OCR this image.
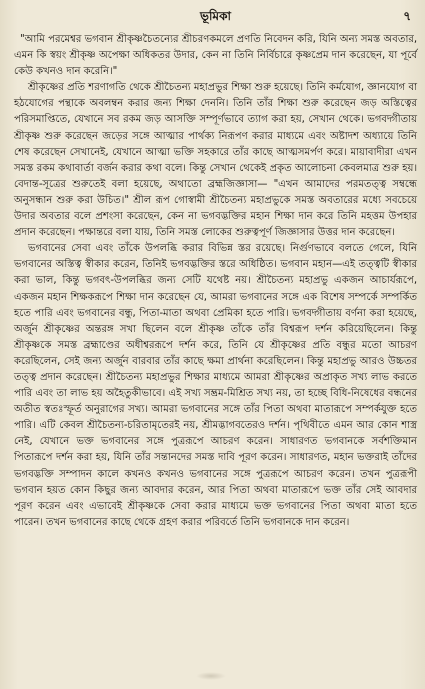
ভূমিকা	৭

"আমি পরমেশ্বর ভগবান শ্রীকৃষ্ণচৈতন্যের শ্রীচরণকমলে প্রণতি নিবেদন করি, যিনি অন্য সমস্ত অবতার, এমন কি স্বয়ং শ্রীকৃষ্ণ অপেক্ষা অধিকতর উদার, কেন না তিনি নির্বিচারে কৃষ্ণপ্রেম দান করেছেন, যা পূর্বে কেউ কখনও দান করেনি।"

শ্রীকৃষ্ণের প্রতি শরণাগতি থেকে শ্রীচৈতন্য মহাপ্রভুর শিক্ষা শুরু হয়েছে। তিনি কর্মযোগ, জ্ঞানযোগ বা হঠযোগের পন্থাকে অবলম্বন করার জন্য শিক্ষা দেননি। তিনি তাঁর শিক্ষা শুরু করেছেন জড় অস্তিত্বের পরিসমাপ্তিতে, যেখানে সব রকম জড় আসক্তি সম্পূর্ণভাবে ত্যাগ করা হয়, সেখান থেকে। ভগবদ্গীতায় শ্রীকৃষ্ণ শুরু করেছেন জড়ের সঙ্গে আত্মার পার্থক্য নিরূপণ করার মাধ্যমে এবং অষ্টাদশ অধ্যায়ে তিনি শেষ করেছেন সেখানেই, যেখানে আত্মা ভক্তি সহকারে তাঁর কাছে আত্মসমর্পণ করে। মায়াবাদীরা এখন সমস্ত রকম কথাবার্তা বর্জন করার কথা বলে। কিন্তু সেখান থেকেই প্রকৃত আলোচনা কেবলমাত্র শুরু হয়। বেদান্ত-সূত্রের শুরুতেই বলা হয়েছে, অথাতো ব্রহ্মজিজ্ঞাসা— "এখন আমাদের পরমতত্ত্ব সম্বন্ধে অনুসন্ধান শুরু করা উচিত।" শ্রীল রূপ গোস্বামী শ্রীচৈতন্য মহাপ্রভুকে সমস্ত অবতারের মধ্যে সবচেয়ে উদার অবতার বলে প্রশংসা করেছেন, কেন না ভগবদ্ভক্তির মহান শিক্ষা দান করে তিনি মহত্তম উপহার প্রদান করেছেন। পক্ষান্তরে বলা যায়, তিনি সমস্ত লোকের শুরুত্বপূর্ণ জিজ্ঞাসার উত্তর দান করেছেন।

ভগবানের সেবা এবং তাঁকে উপলব্ধি করার বিভিন্ন স্তর রয়েছে। নির্গুণভাবে বলতে গেলে, যিনি ভগবানের অস্তিত্ব স্বীকার করেন, তিনিই ভগবদ্ভক্তির স্তরে অধিষ্ঠিত। ভগবান মহান—এই তত্ত্বটি স্বীকার করা ভাল, কিন্তু ভগবৎ-উপলব্ধির জন্য সেটি যথেষ্ট নয়। শ্রীচৈতন্য মহাপ্রভু একজন আচার্যরূপে, একজন মহান শিক্ষকরূপে শিক্ষা দান করেছেন যে, আমরা ভগবানের সঙ্গে এক বিশেষ সম্পর্কে সম্পর্কিত হতে পারি এবং ভগবানের বন্ধু, পিতা-মাতা অথবা প্রেমিকা হতে পারি। ভগবদ্গীতায় বর্ণনা করা হয়েছে, অর্জুন শ্রীকৃষ্ণের অন্তরঙ্গ সখা ছিলেন বলে শ্রীকৃষ্ণ তাঁকে তাঁর বিশ্বরূপ দর্শন করিয়েছিলেন। কিন্তু শ্রীকৃষ্ণকে সমস্ত ব্রহ্মাণ্ডের অধীশ্বররূপে দর্শন করে, তিনি যে শ্রীকৃষ্ণের প্রতি বন্ধুর মতো আচরণ করেছিলেন, সেই জন্য অর্জুন বারবার তাঁর কাছে ক্ষমা প্রার্থনা করেছিলেন। কিন্তু মহাপ্রভু আরও উচ্চতর তত্ত্ব প্রদান করেছেন। শ্রীচৈতন্য মহাপ্রভুর শিক্ষার মাধ্যমে আমরা শ্রীকৃষ্ণের অপ্রাকৃত সখ্য লাভ করতে পারি এবং তা লাভ হয় অহৈতুকীভাবে। এই সখ্য সম্ভ্রম-মিশ্রিত সখ্য নয়, তা হচ্ছে বিধি-নিষেধের বন্ধনের অতীত স্বতঃস্ফূর্ত অনুরাগের সখ্য। আমরা ভগবানের সঙ্গে তাঁর পিতা অথবা মাতারূপে সম্পর্কযুক্ত হতে পারি। এটি কেবল শ্রীচৈতন্য-চরিতামৃতেরই নয়, শ্রীমদ্ভাগবতেরও দর্শন। পৃথিবীতে এমন আর কোন শাস্ত্র নেই, যেখানে ভক্ত ভগবানের সঙ্গে পুত্ররূপে আচরণ করেন। সাধারণত ভগবানকে সর্বশক্তিমান পিতারূপে দর্শন করা হয়, যিনি তাঁর সন্তানদের সমস্ত দাবি পূরণ করেন। সাধারণত, মহান ভক্তরাই তাঁদের ভগবদ্ভক্তি সম্পাদন কালে কখনও কখনও ভগবানের সঙ্গে পুত্ররূপে আচরণ করেন। তখন পুত্ররূপী ভগবান হয়ত কোন কিছুর জন্য আবদার করেন, আর পিতা অথবা মাতারূপে ভক্ত তাঁর সেই আবদার পূরণ করেন এবং এভাবেই শ্রীকৃষ্ণকে সেবা করার মাধ্যমে ভক্ত ভগবানের পিতা অথবা মাতা হতে পারেন। তখন ভগবানের কাছে থেকে গ্রহণ করার পরিবর্তে তিনি ভগবানকে দান করেন।
